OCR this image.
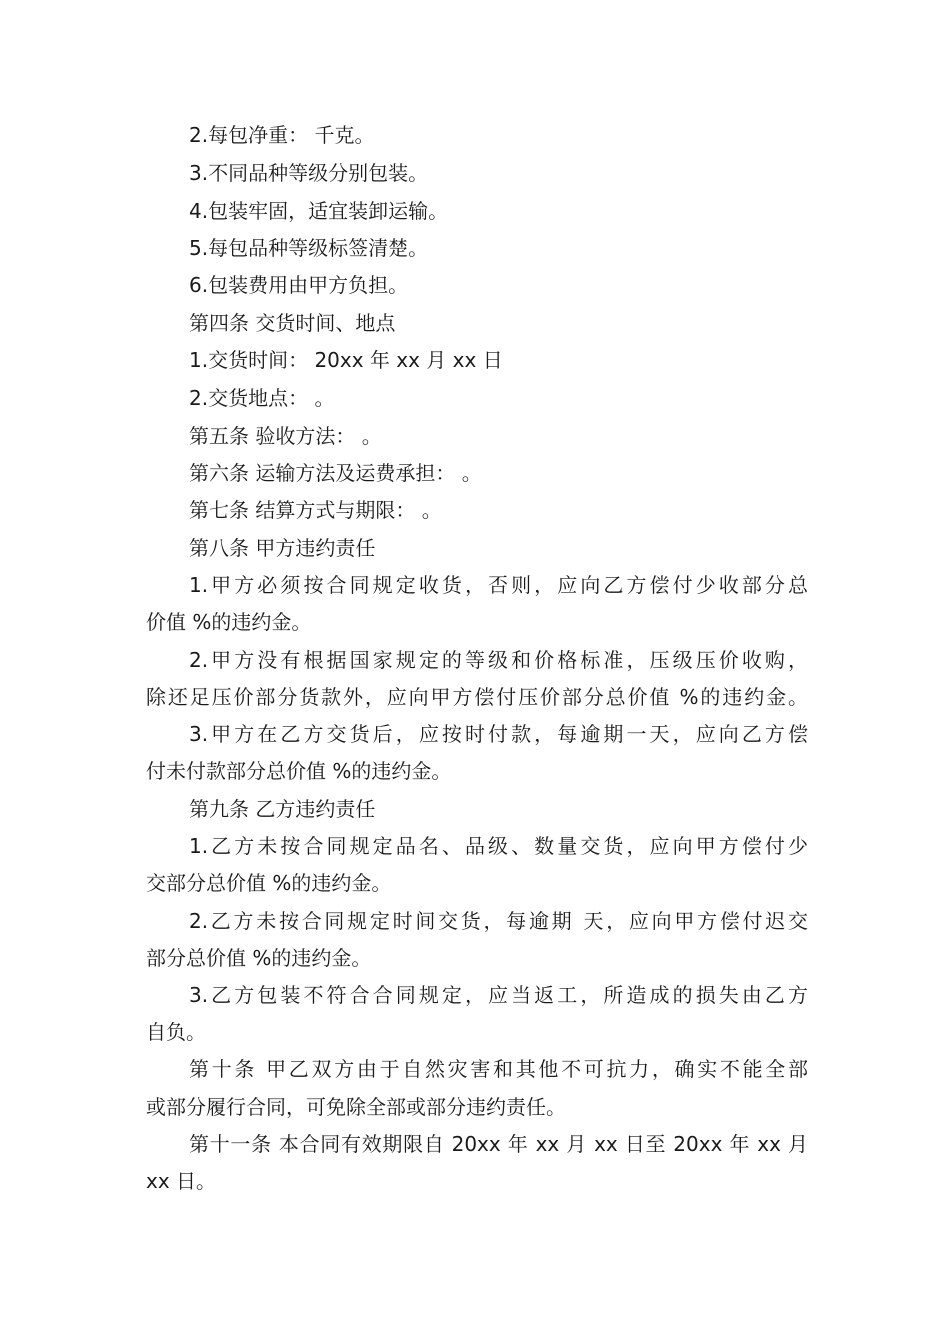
2.每包净重： 千克。
3.不同品种等级分别包装。
4.包装牢固，适宜装卸运输。
5.每包品种等级标签清楚。
6.包装费用由甲方负担。
第四条 交货时间、地点
1.交货时间： 20xx 年 xx 月 xx 日
2.交货地点： 。
第五条 验收方法： 。
第六条 运输方法及运费承担： 。
第七条 结算方式与期限： 。
第八条 甲方违约责任
1.甲方必须按合同规定收货，否则，应向乙方偿付少收部分总
价值 %的违约金。
2.甲方没有根据国家规定的等级和价格标准，压级压价收购，
除还足压价部分货款外，应向甲方偿付压价部分总价值 %的违约金。
3.甲方在乙方交货后，应按时付款，每逾期一天，应向乙方偿
付未付款部分总价值 %的违约金。
第九条 乙方违约责任
1.乙方未按合同规定品名、品级、数量交货，应向甲方偿付少
交部分总价值 %的违约金。
2.乙方未按合同规定时间交货，每逾期 天，应向甲方偿付迟交
部分总价值 %的违约金。
3.乙方包装不符合合同规定，应当返工，所造成的损失由乙方
自负。
第十条 甲乙双方由于自然灾害和其他不可抗力，确实不能全部
或部分履行合同，可免除全部或部分违约责任。
第十一条 本合同有效期限自 20xx 年 xx 月 xx 日至 20xx 年 xx 月
xx 日。
